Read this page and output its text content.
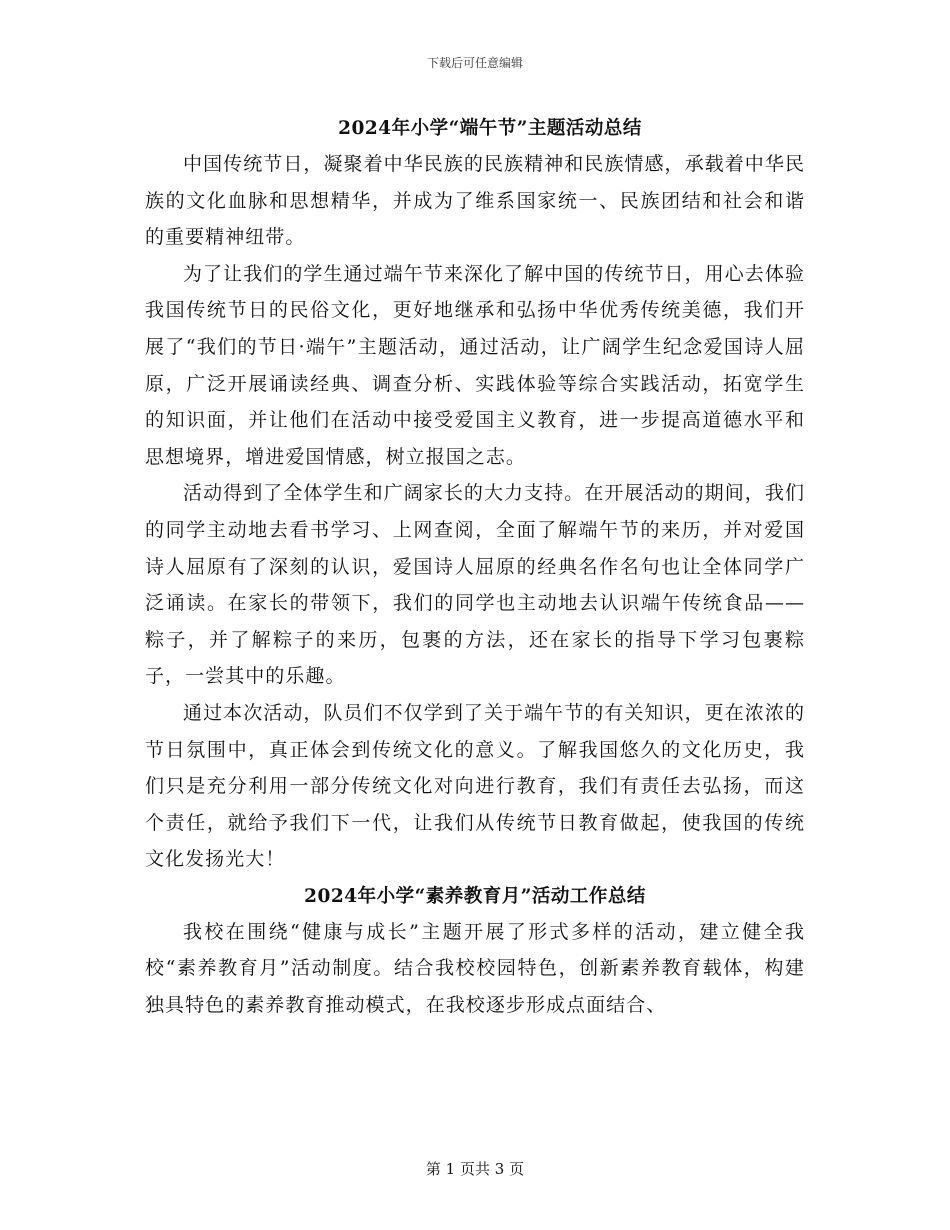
下载后可任意编辑
2024年小学“端午节”主题活动总结

中国传统节日，凝聚着中华民族的民族精神和民族情感，承载着中华民族的文化血脉和思想精华，并成为了维系国家统一、民族团结和社会和谐的重要精神纽带。

为了让我们的学生通过端午节来深化了解中国的传统节日，用心去体验我国传统节日的民俗文化，更好地继承和弘扬中华优秀传统美德，我们开展了“我们的节日·端午”主题活动，通过活动，让广阔学生纪念爱国诗人屈原，广泛开展诵读经典、调查分析、实践体验等综合实践活动，拓宽学生的知识面，并让他们在活动中接受爱国主义教育，进一步提高道德水平和思想境界，增进爱国情感，树立报国之志。

活动得到了全体学生和广阔家长的大力支持。在开展活动的期间，我们的同学主动地去看书学习、上网查阅，全面了解端午节的来历，并对爱国诗人屈原有了深刻的认识，爱国诗人屈原的经典名作名句也让全体同学广泛诵读。在家长的带领下，我们的同学也主动地去认识端午传统食品——粽子，并了解粽子的来历，包裹的方法，还在家长的指导下学习包裹粽子，一尝其中的乐趣。

通过本次活动，队员们不仅学到了关于端午节的有关知识，更在浓浓的节日氛围中，真正体会到传统文化的意义。了解我国悠久的文化历史，我们只是充分利用一部分传统文化对向进行教育，我们有责任去弘扬，而这个责任，就给予我们下一代，让我们从传统节日教育做起，使我国的传统 文化发扬光大！

2024年小学“素养教育月”活动工作总结

我校在围绕“健康与成长”主题开展了形式多样的活动，建立健全我校“素养教育月”活动制度。结合我校校园特色，创新素养教育载体，构建独具特色的素养教育推动模式，在我校逐步形成点面结合、

第 1 页共 3 页
